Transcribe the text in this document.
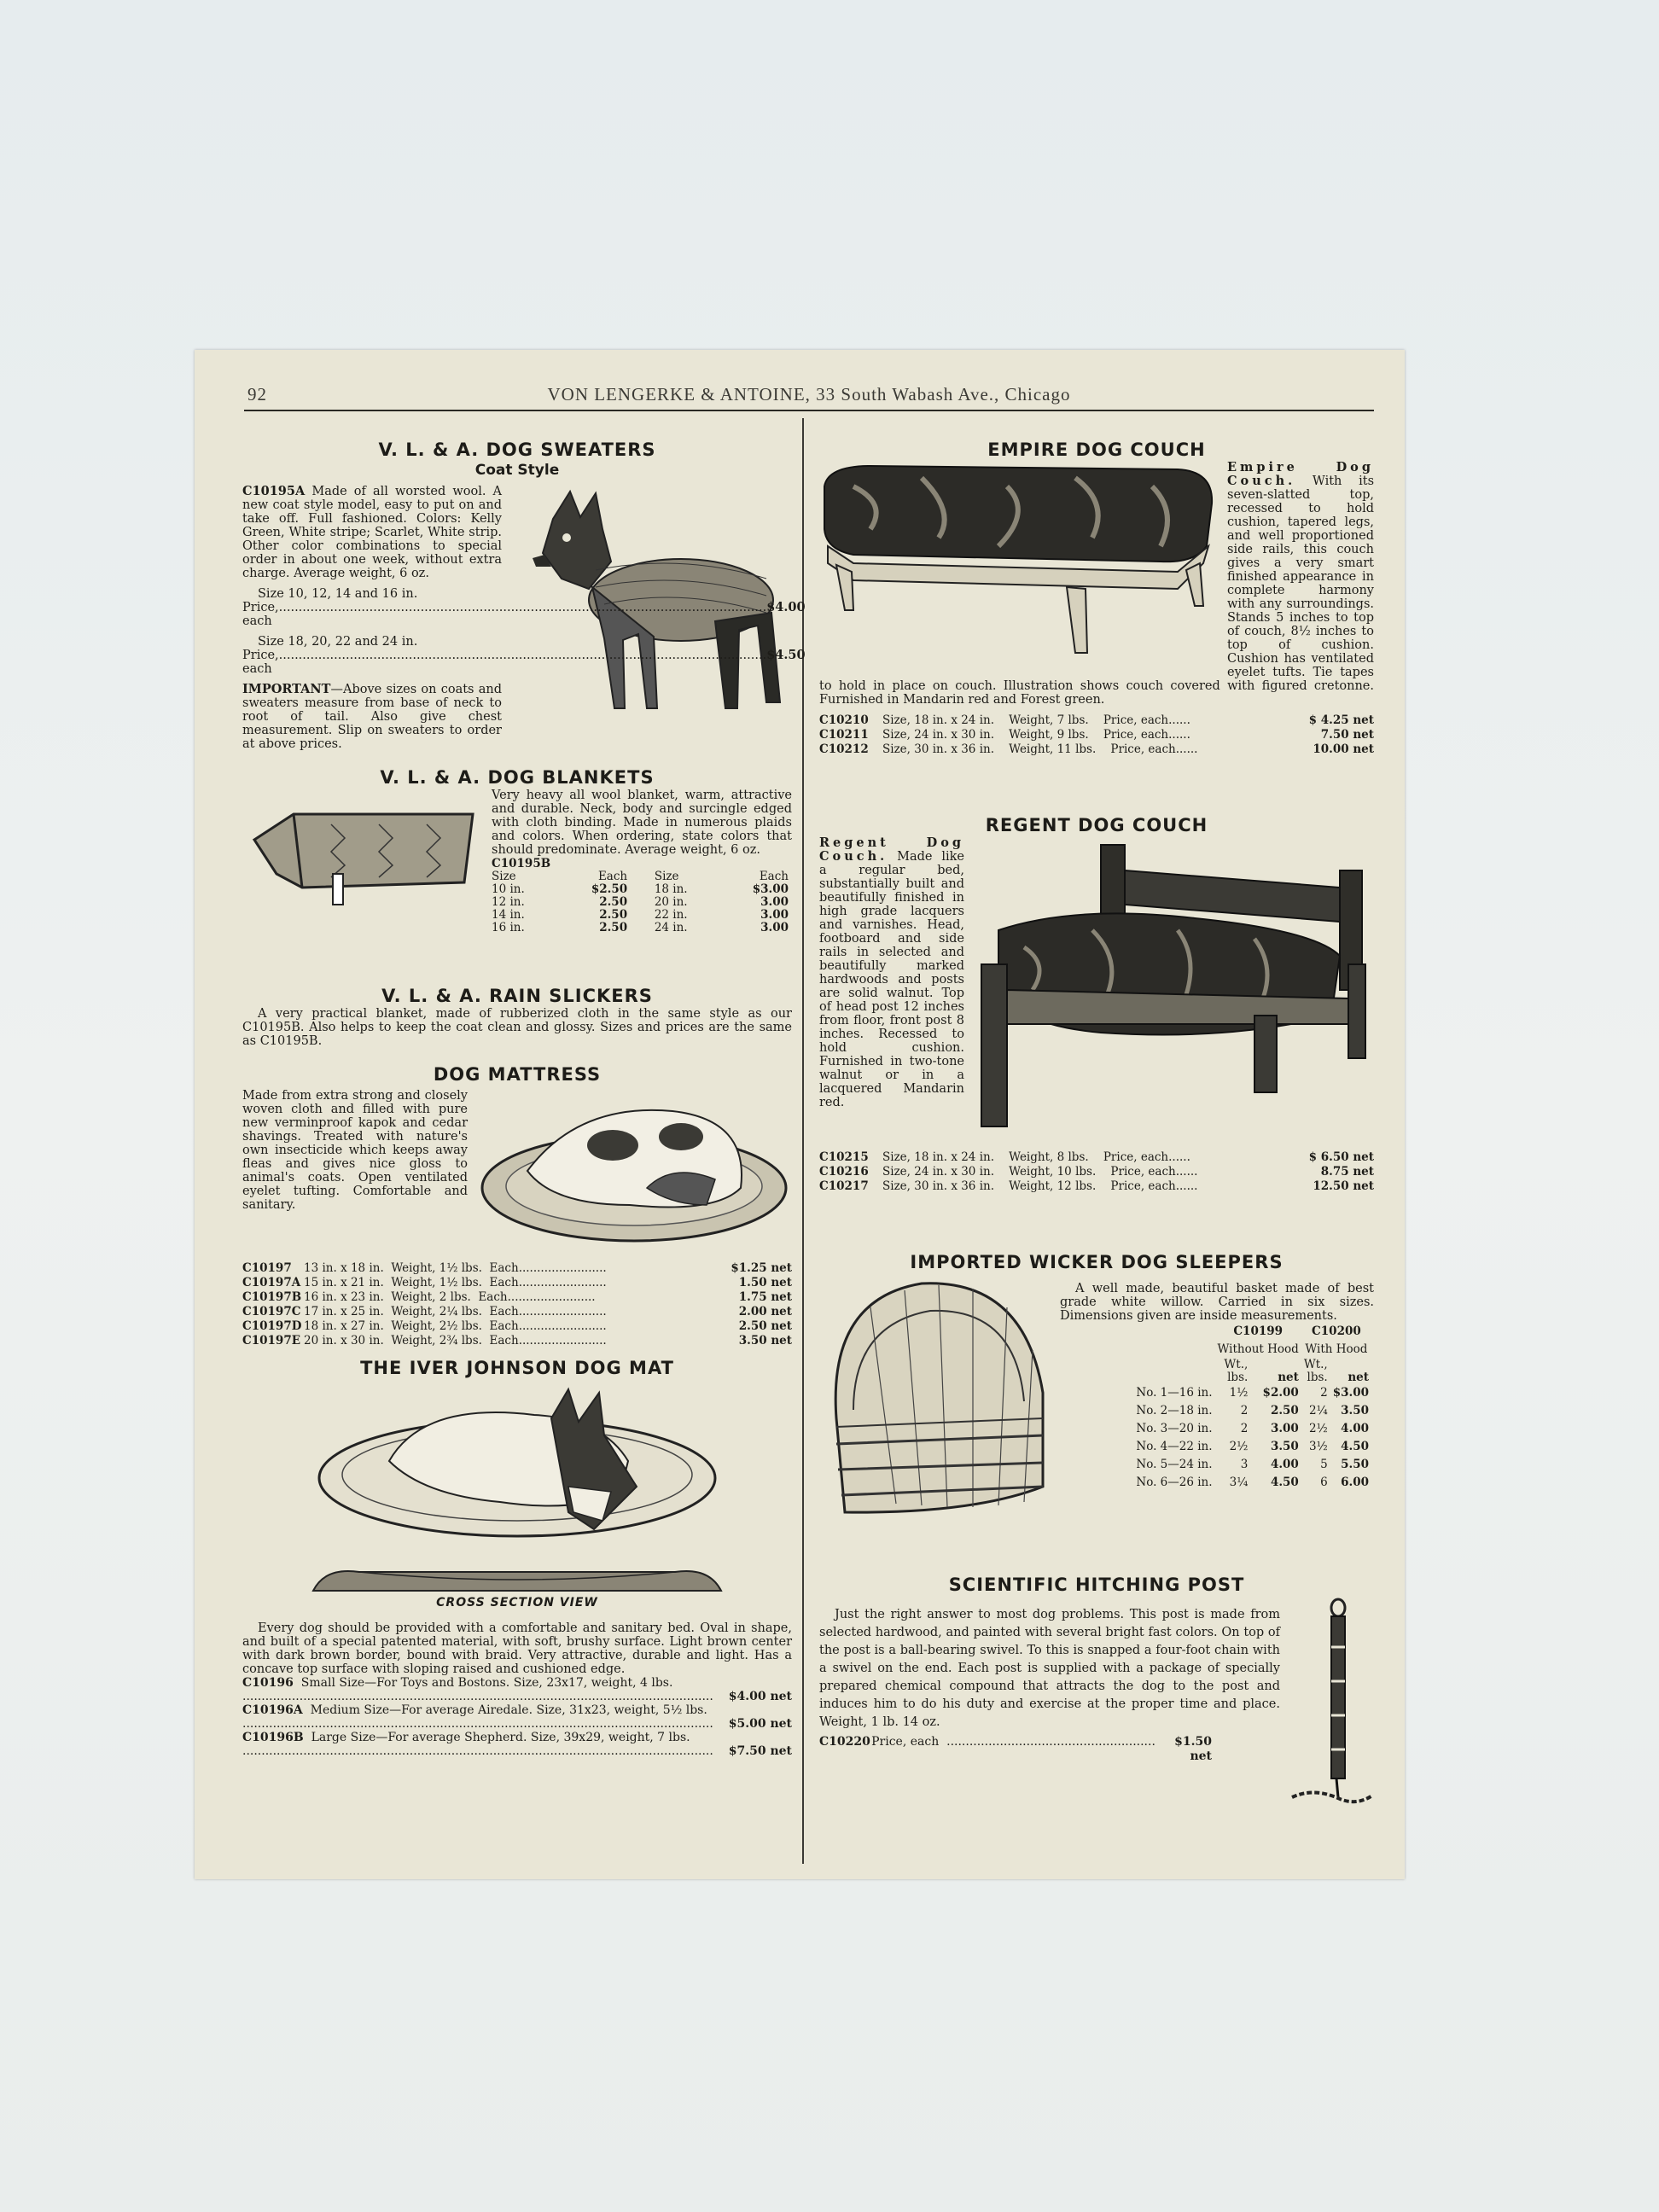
92	VON LENGERKE & ANTOINE, 33 South Wabash Ave., Chicago
V. L. & A. DOG SWEATERS
Coat Style

C10195A Made of all worsted wool. A new coat style model, easy to put on and take off. Full fashioned. Colors: Kelly Green, White stripe; Scarlet, White strip. Other color combinations to special order in about one week, without extra charge. Average weight, 6 oz.

Size 10, 12, 14 and 16 in.
Price, each
.....
$4.00
Size 18, 20, 22 and 24 in.
Price, each
.....
$4.50

IMPORTANT—Above sizes on coats and sweaters measure from base of neck to root of tail. Also give chest measurement. Slip on sweaters to order at above prices.

V. L. & A. DOG BLANKETS

Very heavy all wool blanket, warm, attractive and durable. Neck, body and surcingle edged with cloth binding. Made in numerous plaids and colors. When ordering, state colors that should predominate. Average weight, 6 oz.

C10195B
Size	Each		Size	Each
10 in.	$2.50		18 in.	$3.00
12 in.	2.50		20 in.	3.00
14 in.	2.50		22 in.	3.00
16 in.	2.50		24 in.	3.00
V. L. & A. RAIN SLICKERS

A very practical blanket, made of rubberized cloth in the same style as our C10195B. Also helps to keep the coat clean and glossy. Sizes and prices are the same as C10195B.

DOG MATTRESS

Made from extra strong and closely woven cloth and filled with pure new verminproof kapok and cedar shavings. Treated with nature's own insecticide which keeps away fleas and gives nice gloss to animal's coats. Open ventilated eyelet tufting. Comfortable and sanitary.

C10197	13 in. x 18 in. Weight, 1½ lbs. Each........................	$1.25 net
C10197A 15 in. x 21 in. Weight, 1½ lbs. Each........................	1.50 net
C10197B 16 in. x 23 in. Weight, 2 lbs. Each........................	1.75 net
C10197C 17 in. x 25 in. Weight, 2¼ lbs. Each........................	2.00 net
C10197D 18 in. x 27 in. Weight, 2½ lbs. Each........................	2.50 net
C10197E 20 in. x 30 in. Weight, 2¾ lbs. Each........................	3.50 net
THE IVER JOHNSON DOG MAT
CROSS SECTION VIEW

Every dog should be provided with a comfortable and sanitary bed. Oval in shape, and built of a special patented material, with soft, brushy surface. Light brown center with dark brown border, bound with braid. Very attractive, durable and light. Has a concave top surface with sloping raised and cushioned edge.

C10196 Small Size—For Toys and Bostons. Size, 23x17, weight, 4 lbs.
.....
$4.00 net
C10196A Medium Size—For average Airedale. Size, 31x23, weight, 5½ lbs.
.....
$5.00 net
C10196B Large Size—For average Shepherd. Size, 39x29, weight, 7 lbs.
.....
$7.50 net
EMPIRE DOG COUCH

Empire Dog Couch. With its seven-slatted top, recessed to hold cushion, tapered legs, and well proportioned side rails, this couch gives a very smart finished appearance in complete harmony with any surroundings. Stands 5 inches to top of couch, 8½ inches to top of cushion. Cushion has ventilated eyelet tufts. Tie tapes to hold in place on couch. Illustration shows couch covered with figured cretonne. Furnished in Mandarin red and Forest green.

C10210	Size, 18 in. x 24 in. Weight, 7 lbs. Price, each......	$ 4.25 net
C10211	Size, 24 in. x 30 in. Weight, 9 lbs. Price, each......	7.50 net
C10212	Size, 30 in. x 36 in. Weight, 11 lbs. Price, each......	10.00 net
REGENT DOG COUCH

Regent Dog Couch. Made like a regular bed, substantially built and beautifully finished in high grade lacquers and varnishes. Head, footboard and side rails in selected and beautifully marked hardwoods and posts are solid walnut. Top of head post 12 inches from floor, front post 8 inches. Recessed to hold cushion. Furnished in two-tone walnut or in a lacquered Mandarin red.

C10215	Size, 18 in. x 24 in. Weight, 8 lbs. Price, each......	$ 6.50 net
C10216	Size, 24 in. x 30 in. Weight, 10 lbs. Price, each......	8.75 net
C10217	Size, 30 in. x 36 in. Weight, 12 lbs. Price, each......	12.50 net
IMPORTED WICKER DOG SLEEPERS

A well made, beautiful basket made of best grade white willow. Carried in six sizes. Dimensions given are inside measurements.

	C10199		C10200	
	Without Hood		With Hood	
	Wt.,		Wt.,	
	lbs.	net	lbs.	net
No. 1—16 in.	1½	$2.00	2	$3.00
No. 2—18 in.	2	2.50	2¼	3.50
No. 3—20 in.	2	3.00	2½	4.00
No. 4—22 in.	2½	3.50	3½	4.50
No. 5—24 in.	3	4.00	5	5.50
No. 6—26 in.	3¼	4.50	6	6.00
SCIENTIFIC HITCHING POST

Just the right answer to most dog problems. This post is made from selected hardwood, and painted with several bright fast colors. On top of the post is a ball-bearing swivel. To this is snapped a four-foot chain with a swivel on the end. Each post is supplied with a package of specially prepared chemical compound that attracts the dog to the post and induces him to do his duty and exercise at the proper time and place. Weight, 1 lb. 14 oz.

C10220 Price, each  .......................................................	$1.50 net
